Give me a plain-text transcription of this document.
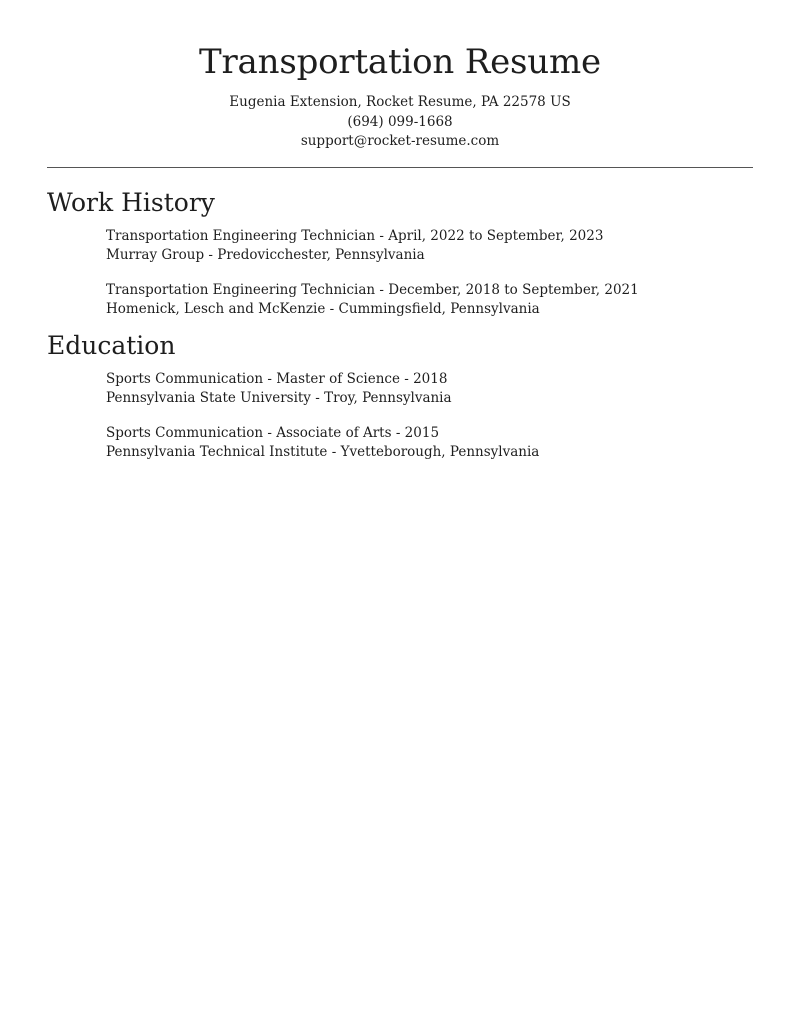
Transportation Resume
Eugenia Extension, Rocket Resume, PA 22578 US
(694) 099-1668
support@rocket-resume.com
Work History
Transportation Engineering Technician - April, 2022 to September, 2023
Murray Group - Predovicchester, Pennsylvania
Transportation Engineering Technician - December, 2018 to September, 2021
Homenick, Lesch and McKenzie - Cummingsfield, Pennsylvania
Education
Sports Communication - Master of Science - 2018
Pennsylvania State University - Troy, Pennsylvania
Sports Communication - Associate of Arts - 2015
Pennsylvania Technical Institute - Yvetteborough, Pennsylvania
